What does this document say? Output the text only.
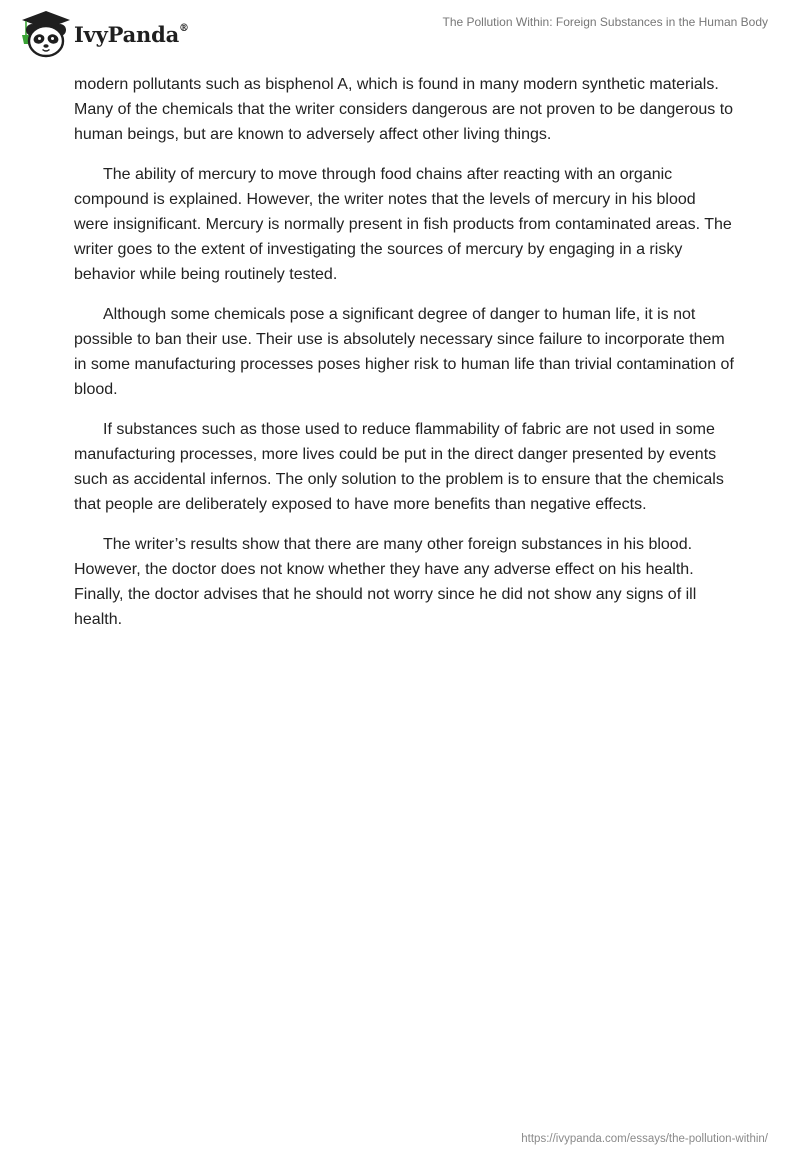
IvyPanda®	The Pollution Within: Foreign Substances in the Human Body

modern pollutants such as bisphenol A, which is found in many modern synthetic materials. Many of the chemicals that the writer considers dangerous are not proven to be dangerous to human beings, but are known to adversely affect other living things.

The ability of mercury to move through food chains after reacting with an organic compound is explained. However, the writer notes that the levels of mercury in his blood were insignificant. Mercury is normally present in fish products from contaminated areas. The writer goes to the extent of investigating the sources of mercury by engaging in a risky behavior while being routinely tested.

Although some chemicals pose a significant degree of danger to human life, it is not possible to ban their use. Their use is absolutely necessary since failure to incorporate them in some manufacturing processes poses higher risk to human life than trivial contamination of blood.

If substances such as those used to reduce flammability of fabric are not used in some manufacturing processes, more lives could be put in the direct danger presented by events such as accidental infernos. The only solution to the problem is to ensure that the chemicals that people are deliberately exposed to have more benefits than negative effects.

The writer’s results show that there are many other foreign substances in his blood. However, the doctor does not know whether they have any adverse effect on his health. Finally, the doctor advises that he should not worry since he did not show any signs of ill health.

https://ivypanda.com/essays/the-pollution-within/
